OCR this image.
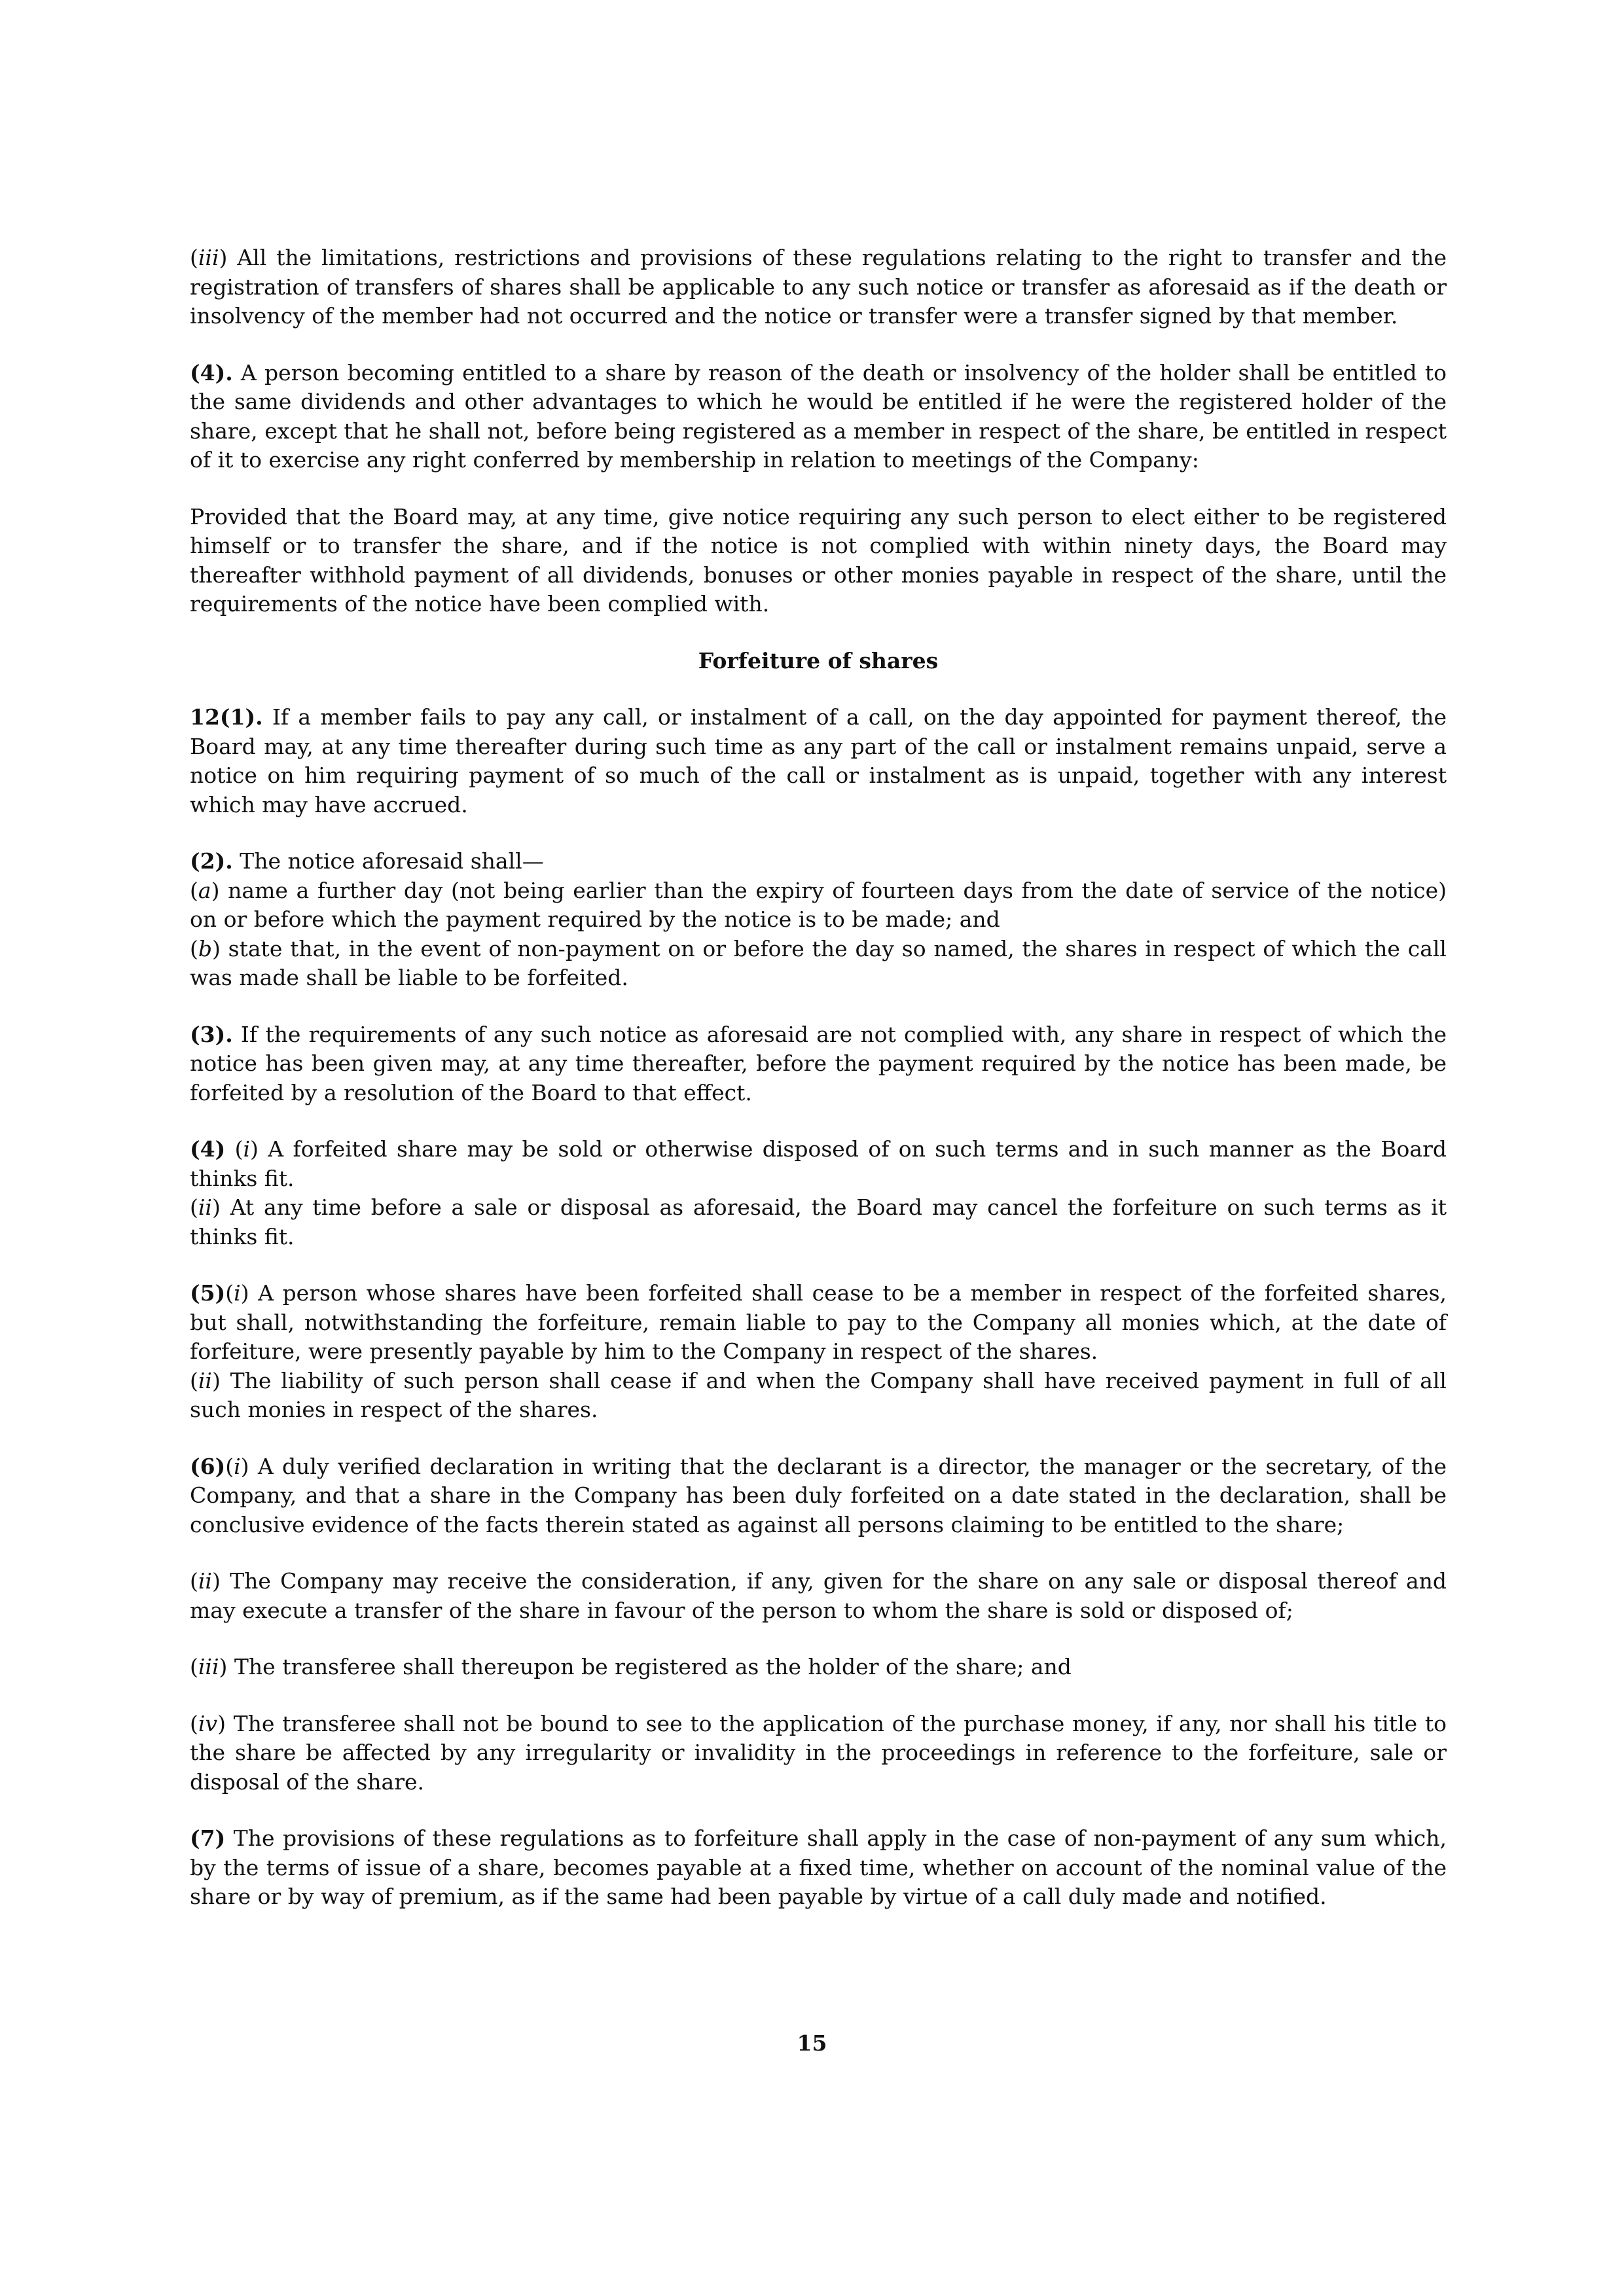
(iii) All the limitations, restrictions and provisions of these regulations relating to the right to transfer and the registration of transfers of shares shall be applicable to any such notice or transfer as aforesaid as if the death or insolvency of the member had not occurred and the notice or transfer were a transfer signed by that member.

(4). A person becoming entitled to a share by reason of the death or insolvency of the holder shall be entitled to the same dividends and other advantages to which he would be entitled if he were the registered holder of the share, except that he shall not, before being registered as a member in respect of the share, be entitled in respect of it to exercise any right conferred by membership in relation to meetings of the Company:

Provided that the Board may, at any time, give notice requiring any such person to elect either to be registered himself or to transfer the share, and if the notice is not complied with within ninety days, the Board may thereafter withhold payment of all dividends, bonuses or other monies payable in respect of the share, until the requirements of the notice have been complied with.

Forfeiture of shares

12(1). If a member fails to pay any call, or instalment of a call, on the day appointed for payment thereof, the Board may, at any time thereafter during such time as any part of the call or instalment remains unpaid, serve a notice on him requiring payment of so much of the call or instalment as is unpaid, together with any interest which may have accrued.

(2). The notice aforesaid shall—
(a) name a further day (not being earlier than the expiry of fourteen days from the date of service of the notice) on or before which the payment required by the notice is to be made; and
(b) state that, in the event of non-payment on or before the day so named, the shares in respect of which the call was made shall be liable to be forfeited.

(3). If the requirements of any such notice as aforesaid are not complied with, any share in respect of which the notice has been given may, at any time thereafter, before the payment required by the notice has been made, be forfeited by a resolution of the Board to that effect.

(4) (i) A forfeited share may be sold or otherwise disposed of on such terms and in such manner as the Board thinks fit.
(ii) At any time before a sale or disposal as aforesaid, the Board may cancel the forfeiture on such terms as it thinks fit.

(5)(i) A person whose shares have been forfeited shall cease to be a member in respect of the forfeited shares, but shall, notwithstanding the forfeiture, remain liable to pay to the Company all monies which, at the date of forfeiture, were presently payable by him to the Company in respect of the shares.
(ii) The liability of such person shall cease if and when the Company shall have received payment in full of all such monies in respect of the shares.

(6)(i) A duly verified declaration in writing that the declarant is a director, the manager or the secretary, of the Company, and that a share in the Company has been duly forfeited on a date stated in the declaration, shall be conclusive evidence of the facts therein stated as against all persons claiming to be entitled to the share;

(ii) The Company may receive the consideration, if any, given for the share on any sale or disposal thereof and may execute a transfer of the share in favour of the person to whom the share is sold or disposed of;

(iii) The transferee shall thereupon be registered as the holder of the share; and

(iv) The transferee shall not be bound to see to the application of the purchase money, if any, nor shall his title to the share be affected by any irregularity or invalidity in the proceedings in reference to the forfeiture, sale or disposal of the share.

(7) The provisions of these regulations as to forfeiture shall apply in the case of non-payment of any sum which, by the terms of issue of a share, becomes payable at a fixed time, whether on account of the nominal value of the share or by way of premium, as if the same had been payable by virtue of a call duly made and notified.

15
